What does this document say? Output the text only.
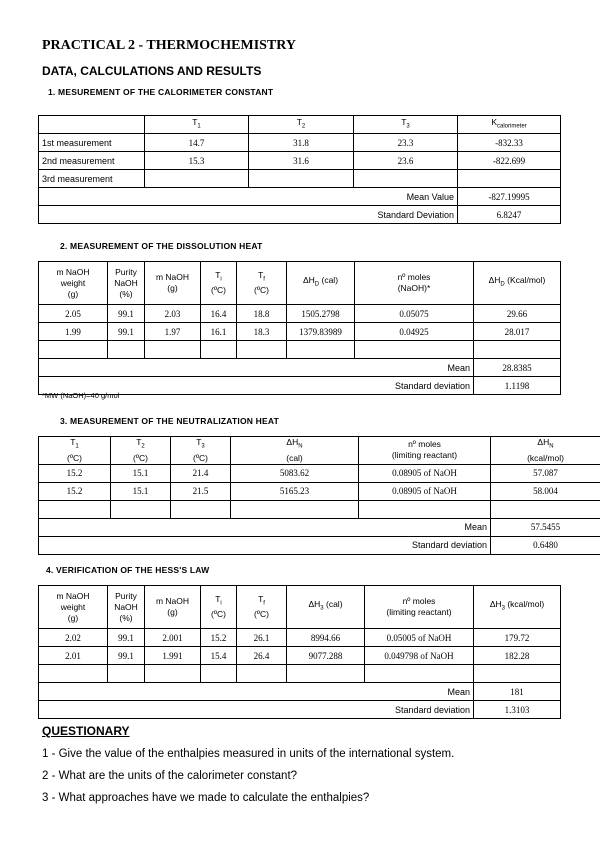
PRACTICAL 2 - THERMOCHEMISTRY
DATA, CALCULATIONS AND RESULTS
1. MESUREMENT OF THE CALORIMETER CONSTANT
	$T_1$	$T_2$	$T_3$	$K_{calorimeter}$
1st measurement	14.7	31.8	23.3	-832.33
2nd measurement	15.3	31.6	23.6	-822.699
3rd measurement				
Mean Value				-827.19995
Standard Deviation				6.8247
2. MEASUREMENT OF THE DISSOLUTION HEAT
m NaOH
weight
(g)	Purity
NaOH
(%)	m NaOH
(g)	$T_i$
(ºC)	$T_f$
(ºC)	$\Delta H_D$ (cal)	nº moles
(NaOH)*	$\Delta H_D$ (Kcal/mol)
2.05	99.1	2.03	16.4	18.8	1505.2798	0.05075	29.66
1.99	99.1	1.97	16.1	18.3	1379.83989	0.04925	28.017

Mean							28.8385
Standard deviation							1.1198
*MW (NaOH)=40 g/mol
3. MEASUREMENT OF THE NEUTRALIZATION HEAT
$T_1$
(ºC)	$T_2$
(ºC)	$T_3$
(ºC)	$\Delta H_N$
(cal)	nº moles
(limiting reactant)	$\Delta H_N$
(kcal/mol)
15.2	15.1	21.4	5083.62	0.08905 of NaOH	57.087
15.2	15.1	21.5	5165.23	0.08905 of NaOH	58.004

Mean					57.5455
Standard deviation					0.6480
4. VERIFICATION OF THE HESS'S LAW
m NaOH
weight
(g)	Purity
NaOH
(%)	m NaOH
(g)	$T_i$
(ºC)	$T_f$
(ºC)	$\Delta H_3$ (cal)	nº moles
(limiting reactant)	$\Delta H_3$ (kcal/mol)
2.02	99.1	2.001	15.2	26.1	8994.66	0.05005 of NaOH	179.72
2.01	99.1	1.991	15.4	26.4	9077.288	0.049798 of NaOH	182.28

Mean							181
Standard deviation							1.3103
QUESTIONARY
1 - Give the value of the enthalpies measured in units of the international system.
2 - What are the units of the calorimeter constant?
3 - What approaches have we made to calculate the enthalpies?
